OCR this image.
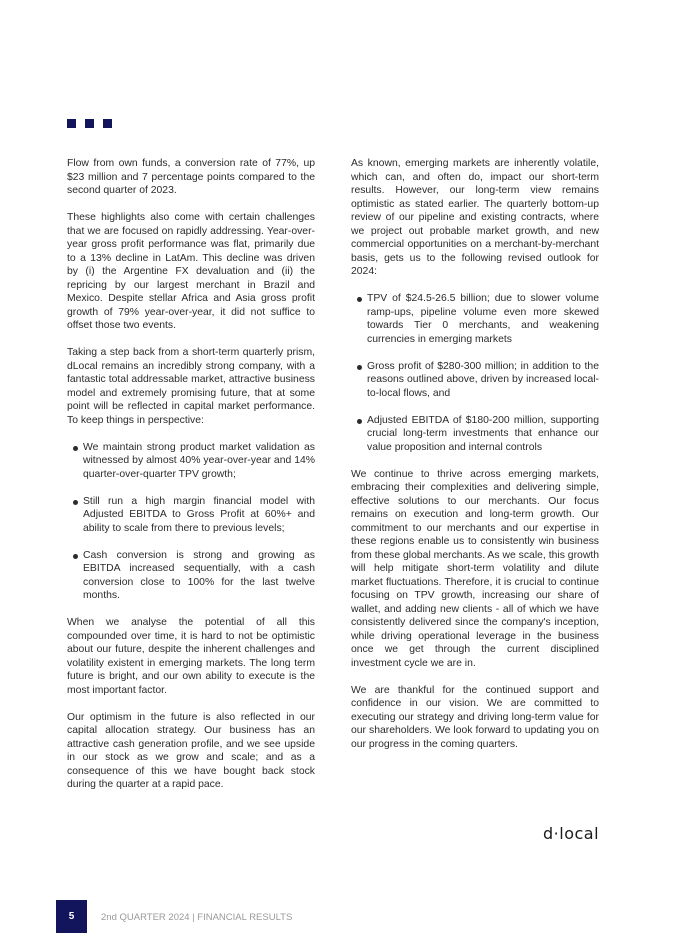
Flow from own funds, a conversion rate of 77%, up $23 million and 7 percentage points compared to the second quarter of 2023.

These highlights also come with certain challenges that we are focused on rapidly addressing. Year-over-year gross profit performance was flat, primarily due to a 13% decline in LatAm. This decline was driven by (i) the Argentine FX devaluation and (ii) the repricing by our largest merchant in Brazil and Mexico. Despite stellar Africa and Asia gross profit growth of 79% year-over-year, it did not suffice to offset those two events.

Taking a step back from a short-term quarterly prism, dLocal remains an incredibly strong company, with a fantastic total addressable market, attractive business model and extremely promising future, that at some point will be reflected in capital market performance. To keep things in perspective:

We maintain strong product market validation as witnessed by almost 40% year-over-year and 14% quarter-over-quarter TPV growth;
Still run a high margin financial model with Adjusted EBITDA to Gross Profit at 60%+ and ability to scale from there to previous levels;
Cash conversion is strong and growing as EBITDA increased sequentially, with a cash conversion close to 100% for the last twelve months.

When we analyse the potential of all this compounded over time, it is hard to not be optimistic about our future, despite the inherent challenges and volatility existent in emerging markets. The long term future is bright, and our own ability to execute is the most important factor.

Our optimism in the future is also reflected in our capital allocation strategy. Our business has an attractive cash generation profile, and we see upside in our stock as we grow and scale; and as a consequence of this we have bought back stock during the quarter at a rapid pace.

As known, emerging markets are inherently volatile, which can, and often do, impact our short-term results. However, our long-term view remains optimistic as stated earlier. The quarterly bottom-up review of our pipeline and existing contracts, where we project out probable market growth, and new commercial opportunities on a merchant-by-merchant basis, gets us to the following revised outlook for 2024:

TPV of $24.5-26.5 billion; due to slower volume ramp-ups, pipeline volume even more skewed towards Tier 0 merchants, and weakening currencies in emerging markets
Gross profit of $280-300 million; in addition to the reasons outlined above, driven by increased local-to-local flows, and
Adjusted EBITDA of $180-200 million, supporting crucial long-term investments that enhance our value proposition and internal controls

We continue to thrive across emerging markets, embracing their complexities and delivering simple, effective solutions to our merchants. Our focus remains on execution and long-term growth. Our commitment to our merchants and our expertise in these regions enable us to consistently win business from these global merchants. As we scale, this growth will help mitigate short-term volatility and dilute market fluctuations. Therefore, it is crucial to continue focusing on TPV growth, increasing our share of wallet, and adding new clients - all of which we have consistently delivered since the company's inception, while driving operational leverage in the business once we get through the current disciplined investment cycle we are in.

We are thankful for the continued support and confidence in our vision. We are committed to executing our strategy and driving long-term value for our shareholders. We look forward to updating you on our progress in the coming quarters.

d·local
5	2nd QUARTER 2024 | FINANCIAL RESULTS
